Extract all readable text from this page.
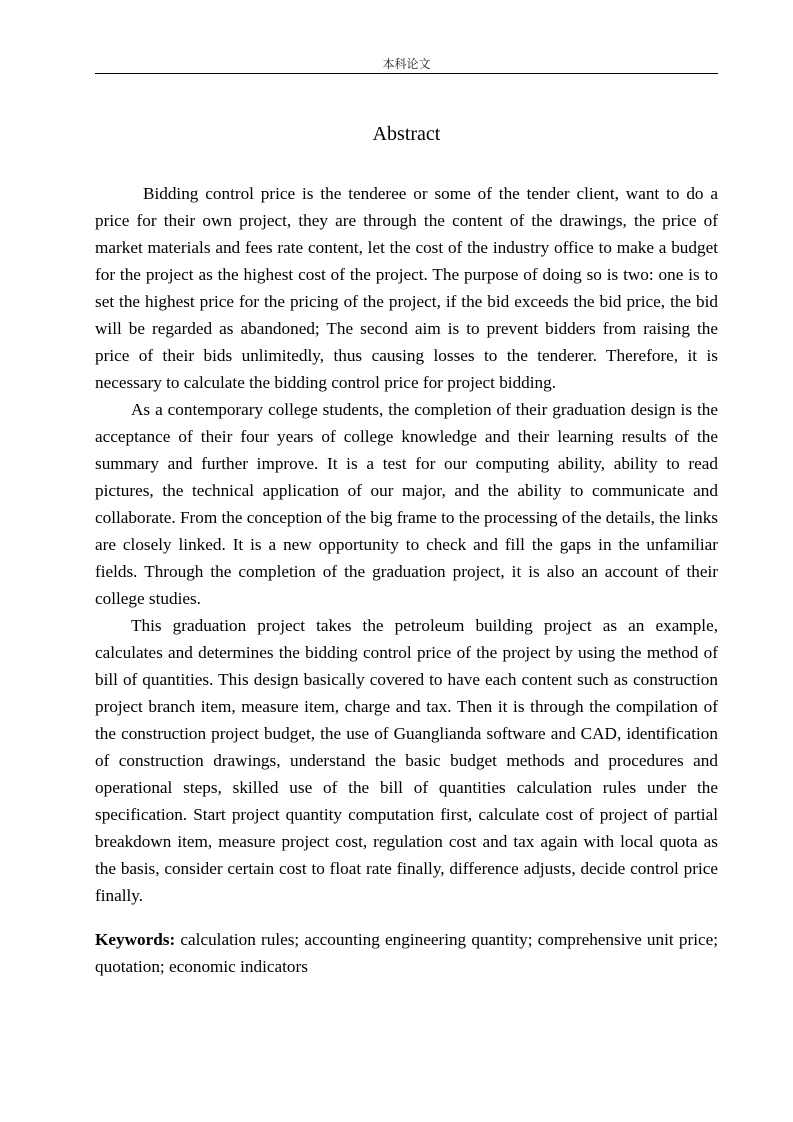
本科论文
Abstract

Bidding control price is the tenderee or some of the tender client, want to do a price for their own project, they are through the content of the drawings, the price of market materials and fees rate content, let the cost of the industry office to make a budget for the project as the highest cost of the project. The purpose of doing so is two: one is to set the highest price for the pricing of the project, if the bid exceeds the bid price, the bid will be regarded as abandoned; The second aim is to prevent bidders from raising the price of their bids unlimitedly, thus causing losses to the tenderer. Therefore, it is necessary to calculate the bidding control price for project bidding.

As a contemporary college students, the completion of their graduation design is the acceptance of their four years of college knowledge and their learning results of the summary and further improve. It is a test for our computing ability, ability to read pictures, the technical application of our major, and the ability to communicate and collaborate. From the conception of the big frame to the processing of the details, the links are closely linked. It is a new opportunity to check and fill the gaps in the unfamiliar fields. Through the completion of the graduation project, it is also an account of their college studies.

This graduation project takes the petroleum building project as an example, calculates and determines the bidding control price of the project by using the method of bill of quantities. This design basically covered to have each content such as construction project branch item, measure item, charge and tax. Then it is through the compilation of the construction project budget, the use of Guanglianda software and CAD, identification of construction drawings, understand the basic budget methods and procedures and operational steps, skilled use of the bill of quantities calculation rules under the specification. Start project quantity computation first, calculate cost of project of partial breakdown item, measure project cost, regulation cost and tax again with local quota as the basis, consider certain cost to float rate finally, difference adjusts, decide control price finally.

Keywords: calculation rules; accounting engineering quantity; comprehensive unit price; quotation; economic indicators
